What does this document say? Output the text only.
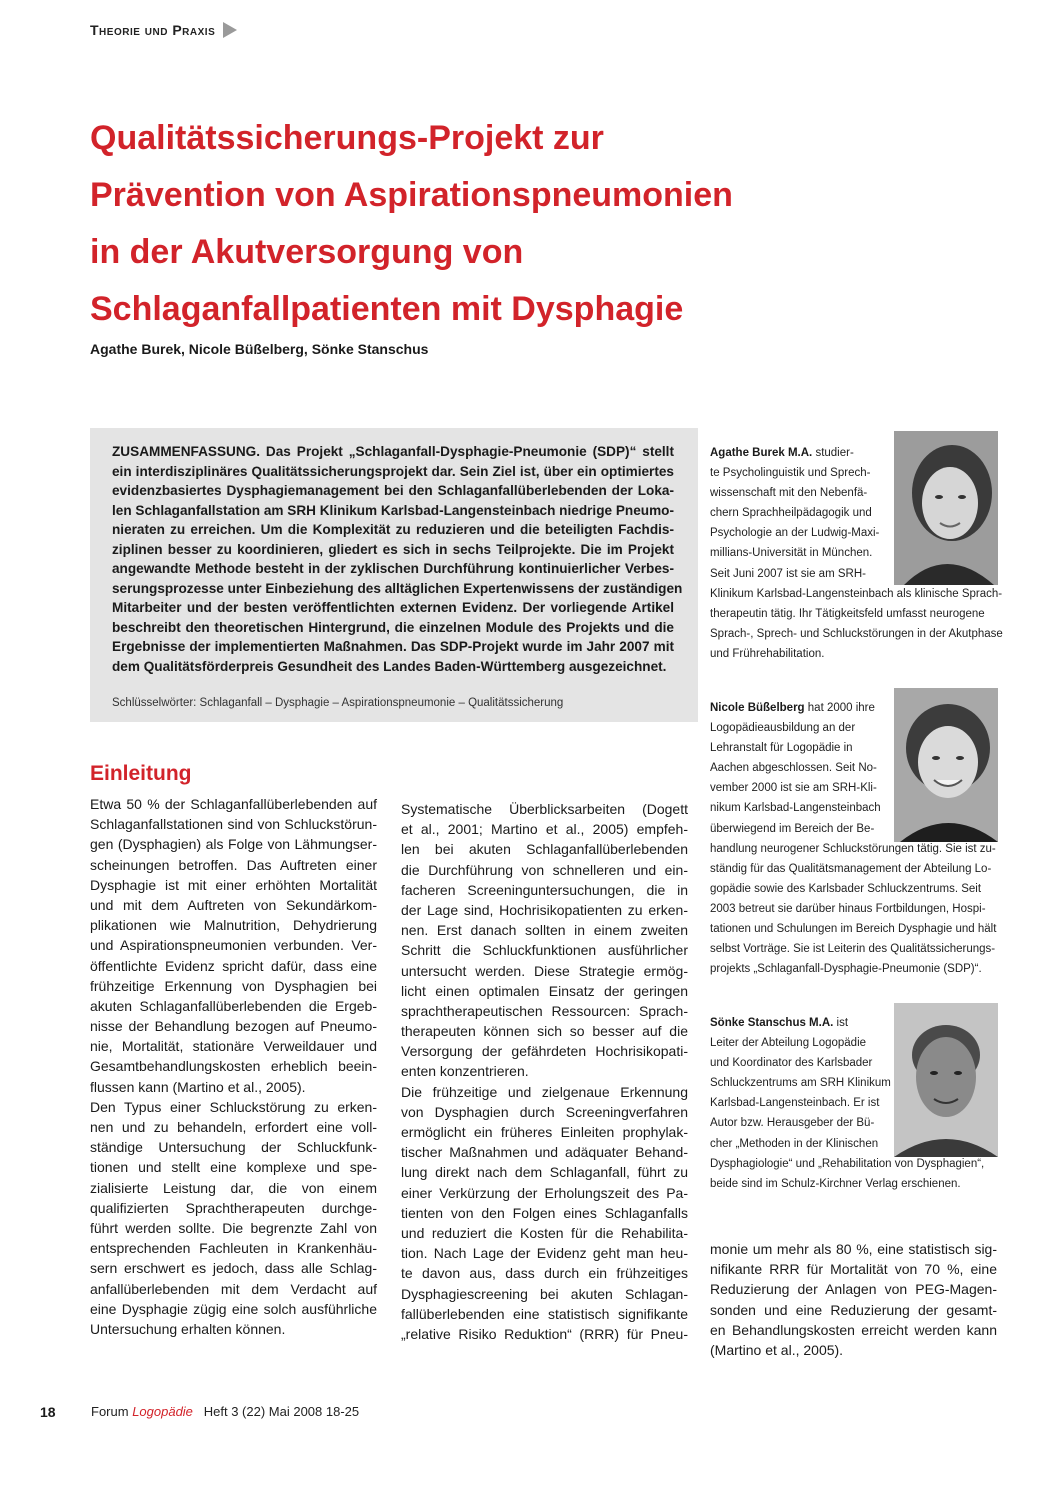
Theorie und Praxis
Qualitätssicherungs-Projekt zur
Prävention von Aspirationspneumonien
in der Akutversorgung von
Schlaganfallpatienten mit Dysphagie
Agathe Burek, Nicole Büßelberg, Sönke Stanschus
ZUSAMMENFASSUNG. Das Projekt „Schlaganfall-Dysphagie-Pneumonie (SDP)“ stellt
ein interdisziplinäres Qualitätssicherungsprojekt dar. Sein Ziel ist, über ein optimiertes
evidenzbasiertes Dysphagiemanagement bei den Schlaganfallüberlebenden der Loka-
len Schlaganfallstation am SRH Klinikum Karlsbad-Langensteinbach niedrige Pneumo-
nieraten zu erreichen. Um die Komplexität zu reduzieren und die beteiligten Fachdis-
ziplinen besser zu koordinieren, gliedert es sich in sechs Teilprojekte. Die im Projekt
angewandte Methode besteht in der zyklischen Durchführung kontinuierlicher Verbes-
serungsprozesse unter Einbeziehung des alltäglichen Expertenwissens der zuständigen
Mitarbeiter und der besten veröffentlichten externen Evidenz. Der vorliegende Artikel
beschreibt den theoretischen Hintergrund, die einzelnen Module des Projekts und die
Ergebnisse der implementierten Maßnahmen. Das SDP-Projekt wurde im Jahr 2007 mit
dem Qualitätsförderpreis Gesundheit des Landes Baden-Württemberg ausgezeichnet.
Schlüsselwörter: Schlaganfall – Dysphagie – Aspirationspneumonie – Qualitätssicherung
Einleitung
Etwa 50 % der Schlaganfallüberlebenden auf
Schlaganfallstationen sind von Schluckstörun-
gen (Dysphagien) als Folge von Lähmungser-
scheinungen betroffen. Das Auftreten einer
Dysphagie ist mit einer erhöhten Mortalität
und mit dem Auftreten von Sekundärkom-
plikationen wie Malnutrition, Dehydrierung
und Aspirationspneumonien verbunden. Ver-
öffentlichte Evidenz spricht dafür, dass eine
frühzeitige Erkennung von Dysphagien bei
akuten Schlaganfallüberlebenden die Ergeb-
nisse der Behandlung bezogen auf Pneumo-
nie, Mortalität, stationäre Verweildauer und
Gesamtbehandlungskosten erheblich beein-
flussen kann (Martino et al., 2005).
Den Typus einer Schluckstörung zu erken-
nen und zu behandeln, erfordert eine voll-
ständige Untersuchung der Schluckfunk-
tionen und stellt eine komplexe und spe-
zialisierte Leistung dar, die von einem
qualifizierten Sprachtherapeuten durchge-
führt werden sollte. Die begrenzte Zahl von
entsprechenden Fachleuten in Krankenhäu-
sern erschwert es jedoch, dass alle Schlag-
anfallüberlebenden mit dem Verdacht auf
eine Dysphagie zügig eine solch ausführliche
Untersuchung erhalten können.
Systematische Überblicksarbeiten (Dogett
et al., 2001; Martino et al., 2005) empfeh-
len bei akuten Schlaganfallüberlebenden
die Durchführung von schnelleren und ein-
facheren Screeninguntersuchungen, die in
der Lage sind, Hochrisikopatienten zu erken-
nen. Erst danach sollten in einem zweiten
Schritt die Schluckfunktionen ausführlicher
untersucht werden. Diese Strategie ermög-
licht einen optimalen Einsatz der geringen
sprachtherapeutischen Ressourcen: Sprach-
therapeuten können sich so besser auf die
Versorgung der gefährdeten Hochrisikopati-
enten konzentrieren.
Die frühzeitige und zielgenaue Erkennung
von Dysphagien durch Screeningverfahren
ermöglicht ein früheres Einleiten prophylak-
tischer Maßnahmen und adäquater Behand-
lung direkt nach dem Schlaganfall, führt zu
einer Verkürzung der Erholungszeit des Pa-
tienten von den Folgen eines Schlaganfalls
und reduziert die Kosten für die Rehabilita-
tion. Nach Lage der Evidenz geht man heu-
te davon aus, dass durch ein frühzeitiges
Dysphagiescreening bei akuten Schlagan-
fallüberlebenden eine statistisch signifikante
„relative Risiko Reduktion“ (RRR) für Pneu-
monie um mehr als 80 %, eine statistisch sig-
nifikante RRR für Mortalität von 70 %, eine
Reduzierung der Anlagen von PEG-Magen-
sonden und eine Reduzierung der gesamt-
en Behandlungskosten erreicht werden kann
(Martino et al., 2005).
Agathe Burek M.A. studier-
te Psycholinguistik und Sprech-
wissenschaft mit den Nebenfä-
chern Sprachheilpädagogik und
Psychologie an der Ludwig-Maxi-
millians-Universität in München.
Seit Juni 2007 ist sie am SRH-
Klinikum Karlsbad-Langensteinbach als klinische Sprach-
therapeutin tätig. Ihr Tätigkeitsfeld umfasst neurogene
Sprach-, Sprech- und Schluckstörungen in der Akutphase
und Frührehabilitation.
Nicole Büßelberg hat 2000 ihre
Logopädieausbildung an der
Lehranstalt für Logopädie in
Aachen abgeschlossen. Seit No-
vember 2000 ist sie am SRH-Kli-
nikum Karlsbad-Langensteinbach
überwiegend im Bereich der Be-
handlung neurogener Schluckstörungen tätig. Sie ist zu-
ständig für das Qualitätsmanagement der Abteilung Lo-
gopädie sowie des Karlsbader Schluckzentrums. Seit
2003 betreut sie darüber hinaus Fortbildungen, Hospi-
tationen und Schulungen im Bereich Dysphagie und hält
selbst Vorträge. Sie ist Leiterin des Qualitätssicherungs-
projekts „Schlaganfall-Dysphagie-Pneumonie (SDP)“.
Sönke Stanschus M.A. ist
Leiter der Abteilung Logopädie
und Koordinator des Karlsbader
Schluckzentrums am SRH Klinikum
Karlsbad-Langensteinbach. Er ist
Autor bzw. Herausgeber der Bü-
cher „Methoden in der Klinischen
Dysphagiologie“ und „Rehabilitation von Dysphagien“,
beide sind im Schulz-Kirchner Verlag erschienen.
18	Forum Logopädie Heft 3 (22) Mai 2008 18-25
